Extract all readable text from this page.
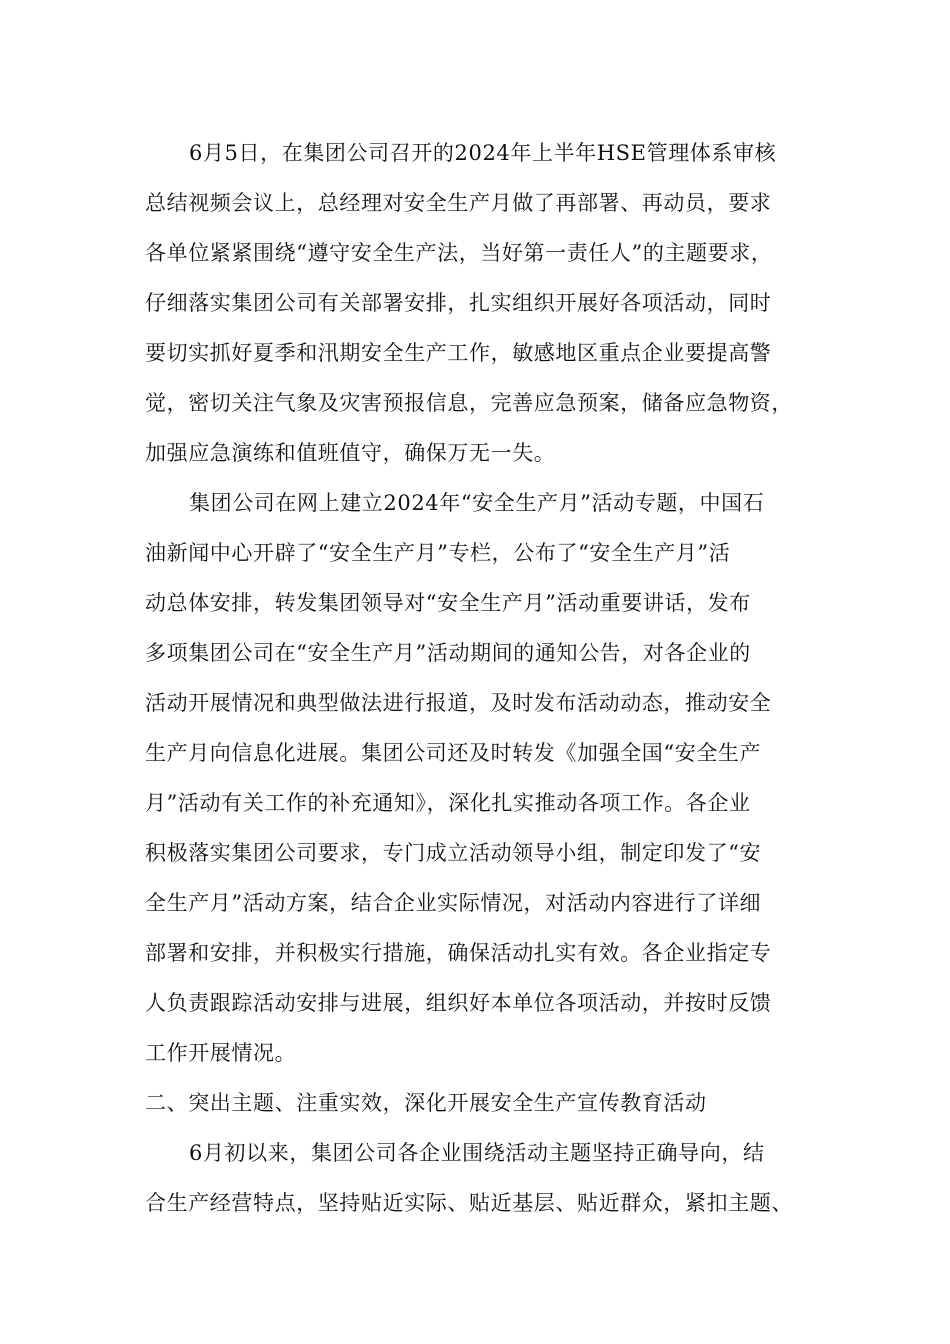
6月5日，在集团公司召开的2024年上半年HSE管理体系审核
总结视频会议上，总经理对安全生产月做了再部署、再动员，要求
各单位紧紧围绕“遵守安全生产法，当好第一责任人”的主题要求，
仔细落实集团公司有关部署安排，扎实组织开展好各项活动，同时
要切实抓好夏季和汛期安全生产工作，敏感地区重点企业要提高警
觉，密切关注气象及灾害预报信息，完善应急预案，储备应急物资，
加强应急演练和值班值守，确保万无一失。
集团公司在网上建立2024年“安全生产月”活动专题，中国石
油新闻中心开辟了“安全生产月”专栏，公布了“安全生产月”活
动总体安排，转发集团领导对“安全生产月”活动重要讲话，发布
多项集团公司在“安全生产月”活动期间的通知公告，对各企业的
活动开展情况和典型做法进行报道，及时发布活动动态，推动安全
生产月向信息化进展。集团公司还及时转发《加强全国“安全生产
月”活动有关工作的补充通知》，深化扎实推动各项工作。各企业
积极落实集团公司要求，专门成立活动领导小组，制定印发了“安
全生产月”活动方案，结合企业实际情况，对活动内容进行了详细
部署和安排，并积极实行措施，确保活动扎实有效。各企业指定专
人负责跟踪活动安排与进展，组织好本单位各项活动，并按时反馈
工作开展情况。
二、突出主题、注重实效，深化开展安全生产宣传教育活动
6月初以来，集团公司各企业围绕活动主题坚持正确导向，结
合生产经营特点，坚持贴近实际、贴近基层、贴近群众，紧扣主题、
